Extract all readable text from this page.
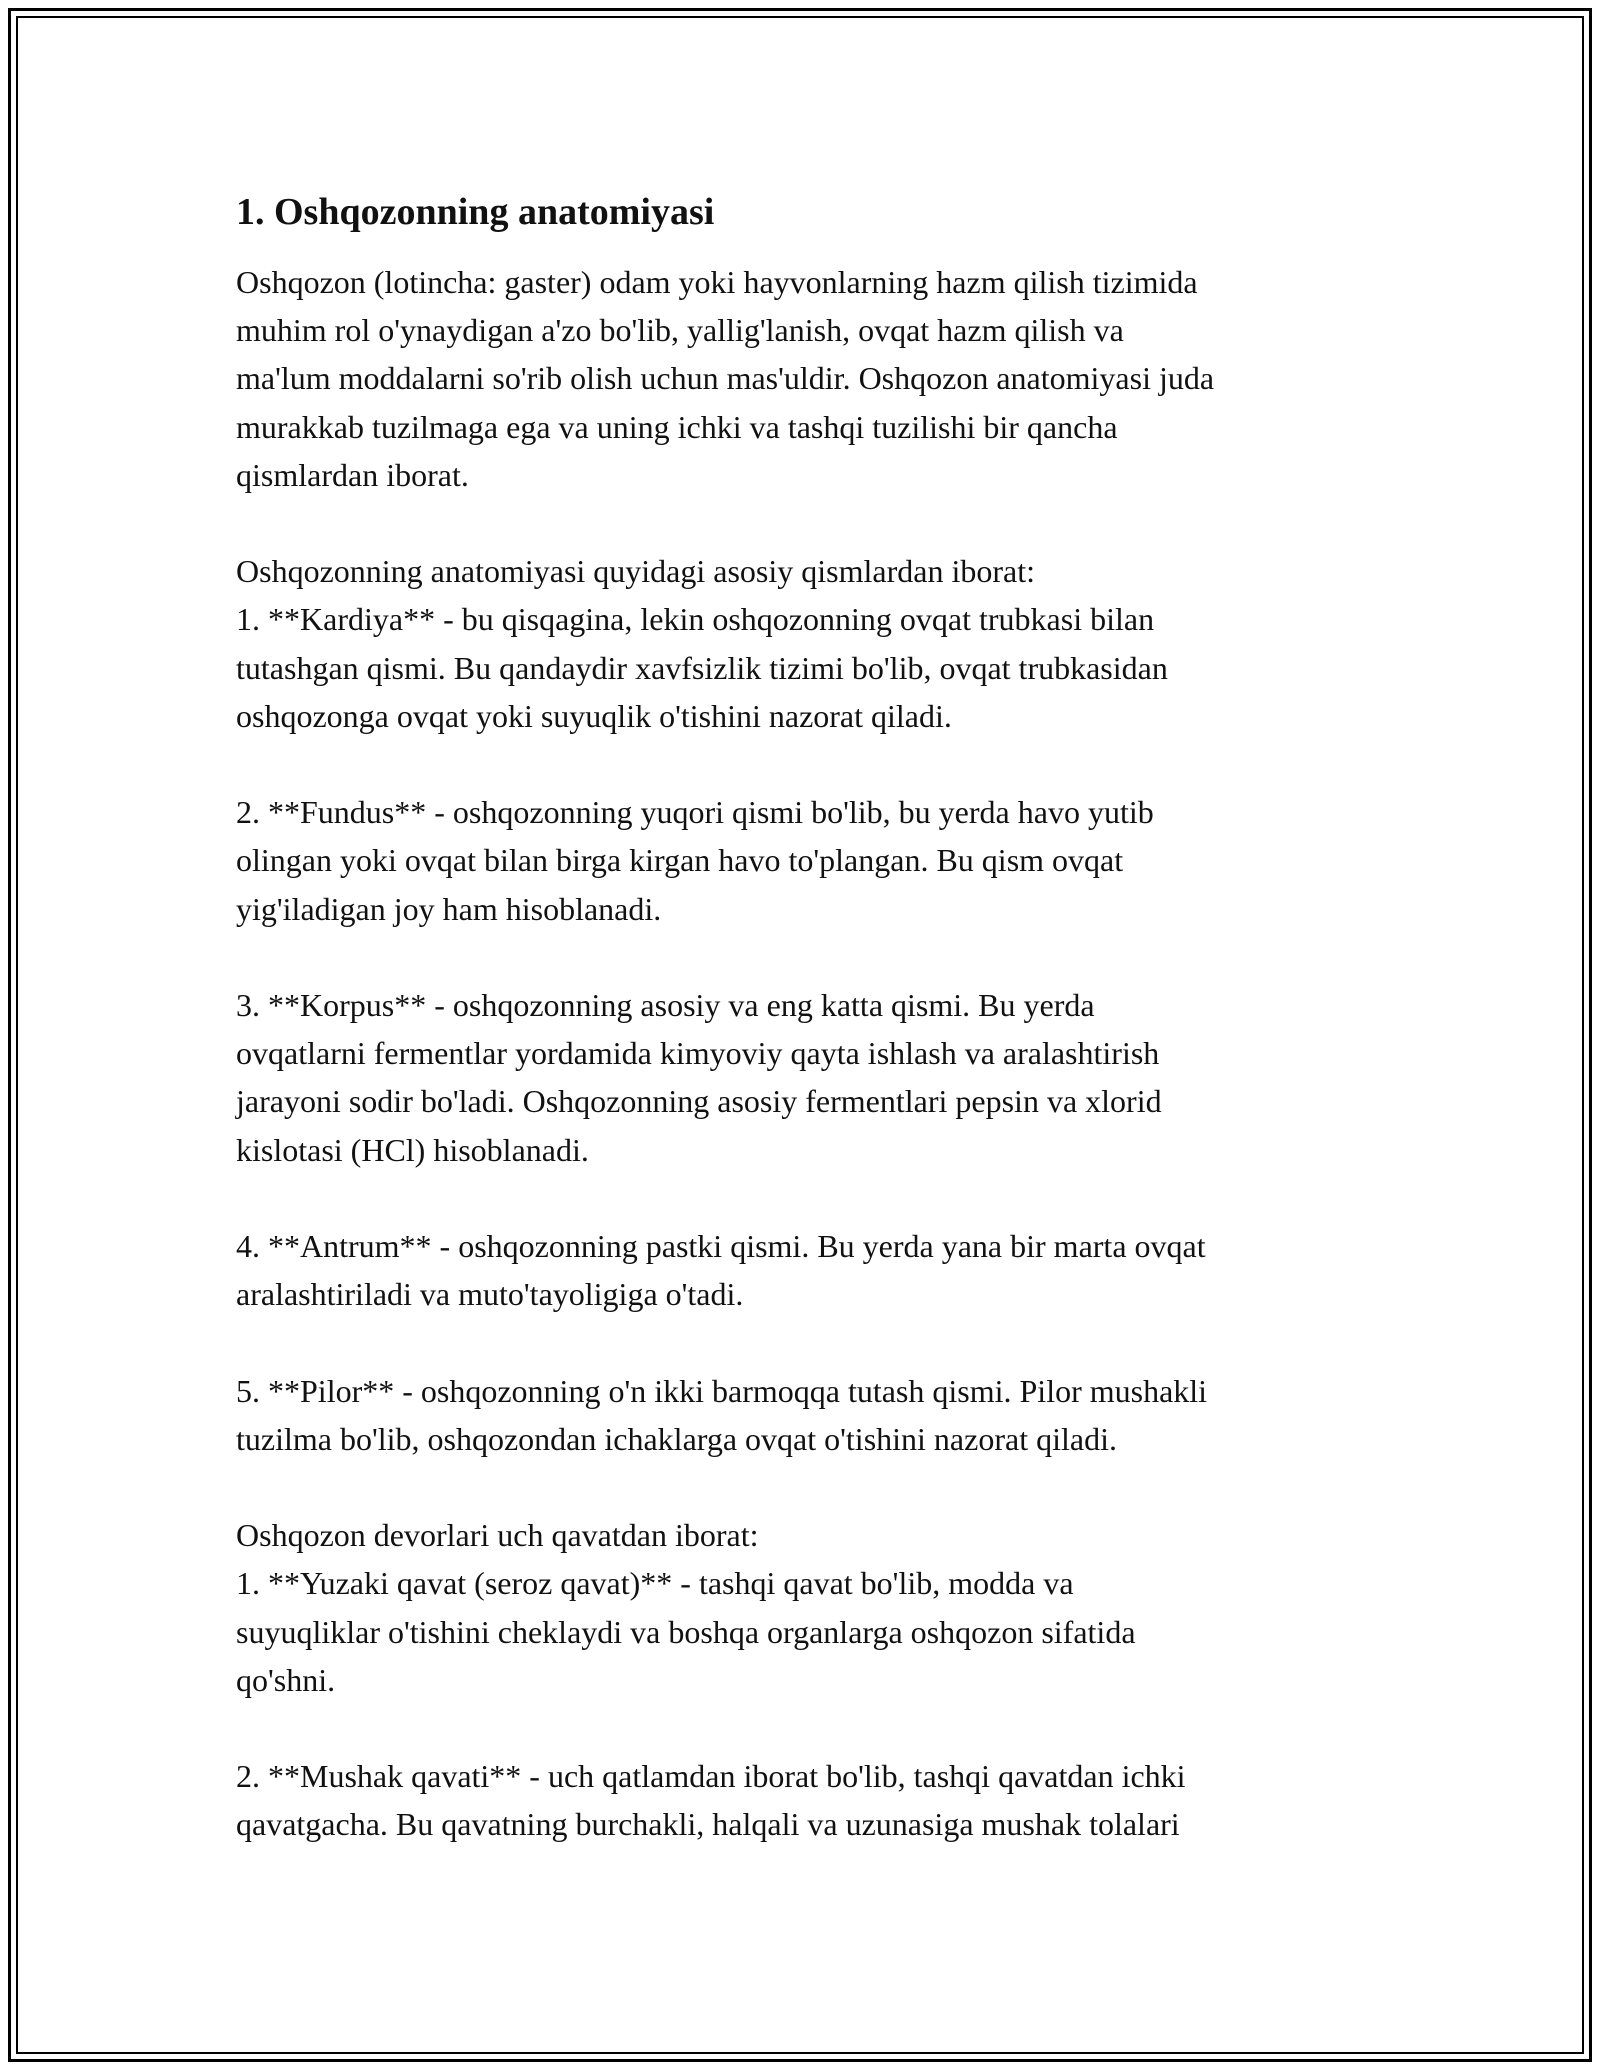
1. Oshqozonning anatomiyasi
Oshqozon (lotincha: gaster) odam yoki hayvonlarning hazm qilish tizimida
muhim rol o'ynaydigan a'zo bo'lib, yallig'lanish, ovqat hazm qilish va
ma'lum moddalarni so'rib olish uchun mas'uldir. Oshqozon anatomiyasi juda
murakkab tuzilmaga ega va uning ichki va tashqi tuzilishi bir qancha
qismlardan iborat.
Oshqozonning anatomiyasi quyidagi asosiy qismlardan iborat:
1. **Kardiya** - bu qisqagina, lekin oshqozonning ovqat trubkasi bilan
tutashgan qismi. Bu qandaydir xavfsizlik tizimi bo'lib, ovqat trubkasidan
oshqozonga ovqat yoki suyuqlik o'tishini nazorat qiladi.
2. **Fundus** - oshqozonning yuqori qismi bo'lib, bu yerda havo yutib
olingan yoki ovqat bilan birga kirgan havo to'plangan. Bu qism ovqat
yig'iladigan joy ham hisoblanadi.
3. **Korpus** - oshqozonning asosiy va eng katta qismi. Bu yerda
ovqatlarni fermentlar yordamida kimyoviy qayta ishlash va aralashtirish
jarayoni sodir bo'ladi. Oshqozonning asosiy fermentlari pepsin va xlorid
kislotasi (HCl) hisoblanadi.
4. **Antrum** - oshqozonning pastki qismi. Bu yerda yana bir marta ovqat
aralashtiriladi va muto'tayoligiga o'tadi.
5. **Pilor** - oshqozonning o'n ikki barmoqqa tutash qismi. Pilor mushakli
tuzilma bo'lib, oshqozondan ichaklarga ovqat o'tishini nazorat qiladi.
Oshqozon devorlari uch qavatdan iborat:
1. **Yuzaki qavat (seroz qavat)** - tashqi qavat bo'lib, modda va
suyuqliklar o'tishini cheklaydi va boshqa organlarga oshqozon sifatida
qo'shni.
2. **Mushak qavati** - uch qatlamdan iborat bo'lib, tashqi qavatdan ichki
qavatgacha. Bu qavatning burchakli, halqali va uzunasiga mushak tolalari
